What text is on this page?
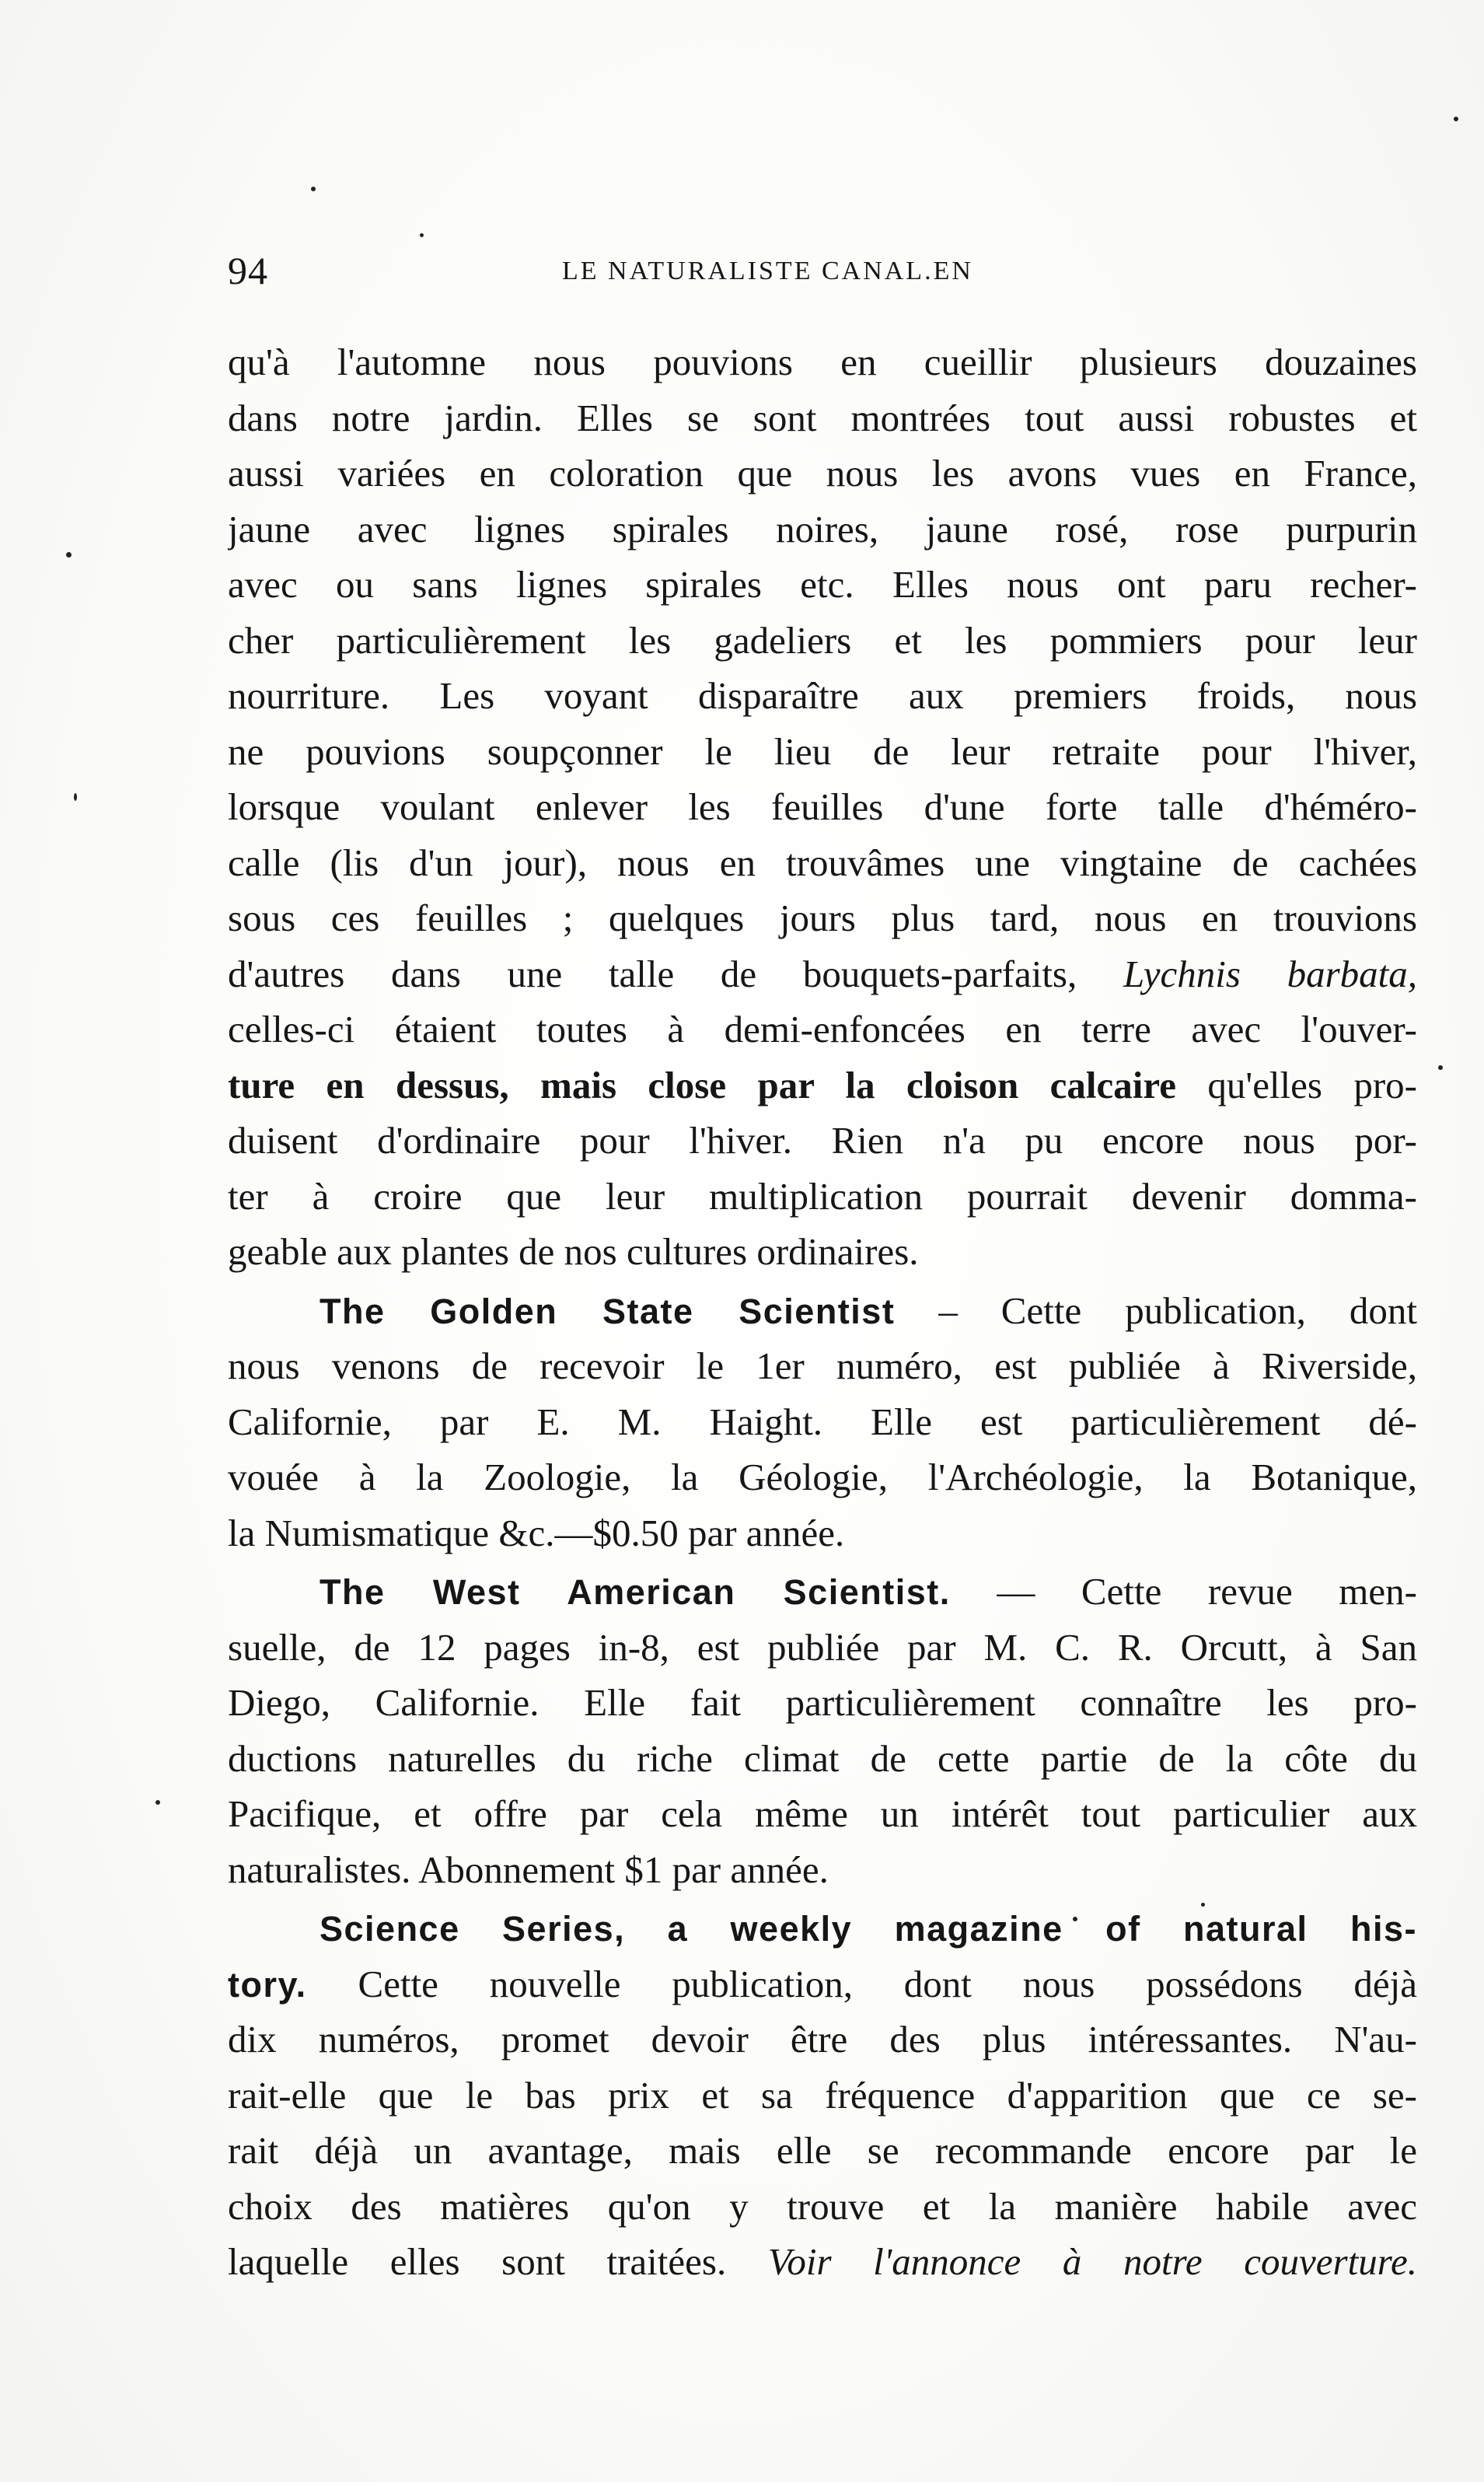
94	LE NATURALISTE CANAL.EN
qu'à l'automne nous pouvions en cueillir plusieurs douzaines
dans notre jardin. Elles se sont montrées tout aussi robustes et
aussi variées en coloration que nous les avons vues en France,
jaune avec lignes spirales noires, jaune rosé, rose purpurin
avec ou sans lignes spirales etc. Elles nous ont paru recher-
cher particulièrement les gadeliers et les pommiers pour leur
nourriture. Les voyant disparaître aux premiers froids, nous
ne pouvions soupçonner le lieu de leur retraite pour l'hiver,
lorsque voulant enlever les feuilles d'une forte talle d'hémérо-
calle (lis d'un jour), nous en trouvâmes une vingtaine de cachées
sous ces feuilles ; quelques jours plus tard, nous en trouvions
d'autres dans une talle de bouquets-parfaits, Lychnis barbata,
celles-ci étaient toutes à demi-enfoncées en terre avec l'ouver-
ture en dessus, mais close par la cloison calcaire qu'elles pro-
duisent d'ordinaire pour l'hiver. Rien n'a pu encore nous por-
ter à croire que leur multiplication pourrait devenir domma-
geable aux plantes de nos cultures ordinaires.
The Golden State Scientist – Cette publication, dont
nous venons de recevoir le 1er numéro, est publiée à Riverside,
Californie, par E. M. Haight. Elle est particulièrement dé-
vouée à la Zoologie, la Géologie, l'Archéologie, la Botanique,
la Numismatique &c.—$0.50 par année.
The West American Scientist. — Cette revue men-
suelle, de 12 pages in-8, est publiée par M. C. R. Orcutt, à San
Diego, Californie. Elle fait particulièrement connaître les pro-
ductions naturelles du riche climat de cette partie de la côte du
Pacifique, et offre par cela même un intérêt tout particulier aux
naturalistes. Abonnement $1 par année.
Science Series, a weekly magazine of natural his-
tory. Cette nouvelle publication, dont nous possédons déjà
dix numéros, promet devoir être des plus intéressantes. N'au-
rait-elle que le bas prix et sa fréquence d'apparition que ce se-
rait déjà un avantage, mais elle se recommande encore par le
choix des matières qu'on y trouve et la manière habile avec
laquelle elles sont traitées. Voir l'annonce à notre couverture.
